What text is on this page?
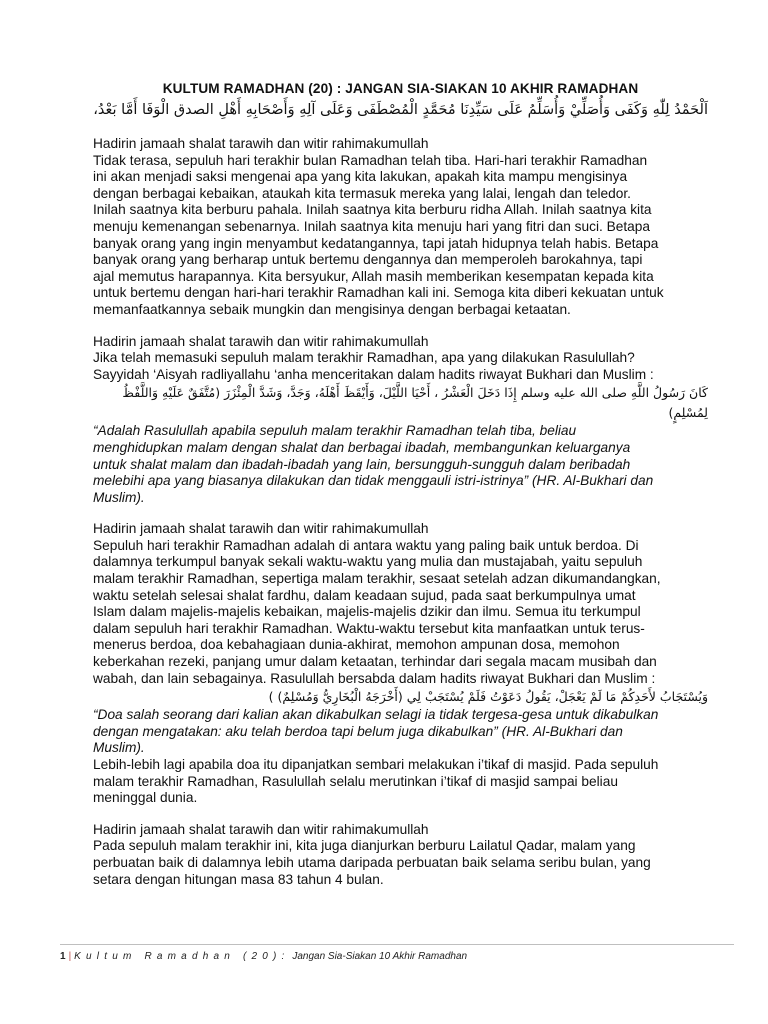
KULTUM RAMADHAN (20) : JANGAN SIA-SIAKAN 10 AKHIR RAMADHAN

اَلْحَمْدُ لِلّٰهِ وَكَفَى وَأُصَلِّيْ وَأُسَلِّمُ عَلَى سَيِّدِنَا مُحَمَّدٍ الْمُصْطَفَى وَعَلَى آلِهِ وَأَصْحَابِهِ أَهْلِ الصدق الْوَفَا أَمَّا بَعْدُ،

Hadirin jamaah shalat tarawih dan witir rahimakumullah
Tidak terasa, sepuluh hari terakhir bulan Ramadhan telah tiba. Hari-hari terakhir Ramadhan
ini akan menjadi saksi mengenai apa yang kita lakukan, apakah kita mampu mengisinya
dengan berbagai kebaikan, ataukah kita termasuk mereka yang lalai, lengah dan teledor.
Inilah saatnya kita berburu pahala. Inilah saatnya kita berburu ridha Allah. Inilah saatnya kita
menuju kemenangan sebenarnya. Inilah saatnya kita menuju hari yang fitri dan suci. Betapa
banyak orang yang ingin menyambut kedatangannya, tapi jatah hidupnya telah habis. Betapa
banyak orang yang berharap untuk bertemu dengannya dan memperoleh barokahnya, tapi
ajal memutus harapannya. Kita bersyukur, Allah masih memberikan kesempatan kepada kita
untuk bertemu dengan hari-hari terakhir Ramadhan kali ini. Semoga kita diberi kekuatan untuk
memanfaatkannya sebaik mungkin dan mengisinya dengan berbagai ketaatan.
Hadirin jamaah shalat tarawih dan witir rahimakumullah
Jika telah memasuki sepuluh malam terakhir Ramadhan, apa yang dilakukan Rasulullah?
Sayyidah ‘Aisyah radliyallahu ‘anha menceritakan dalam hadits riwayat Bukhari dan Muslim :

كَانَ رَسُولُ اللَّهِ صلى الله عليه وسلم إِذَا دَخَلَ الْعَشْرُ ، أَحْيَا اللَّيْلَ، وَأَيْقَظَ أَهْلَهُ، وَجَدَّ، وَشَدَّ الْمِئْزَرَ (مُتَّفَقٌ عَلَيْهِ وَاللَّفْظُ

لِمُسْلِمٍ)

“Adalah Rasulullah apabila sepuluh malam terakhir Ramadhan telah tiba, beliau
menghidupkan malam dengan shalat dan berbagai ibadah, membangunkan keluarganya
untuk shalat malam dan ibadah-ibadah yang lain, bersungguh-sungguh dalam beribadah
melebihi apa yang biasanya dilakukan dan tidak menggauli istri-istrinya” (HR. Al-Bukhari dan
Muslim).
Hadirin jamaah shalat tarawih dan witir rahimakumullah
Sepuluh hari terakhir Ramadhan adalah di antara waktu yang paling baik untuk berdoa. Di
dalamnya terkumpul banyak sekali waktu-waktu yang mulia dan mustajabah, yaitu sepuluh
malam terakhir Ramadhan, sepertiga malam terakhir, sesaat setelah adzan dikumandangkan,
waktu setelah selesai shalat fardhu, dalam keadaan sujud, pada saat berkumpulnya umat
Islam dalam majelis-majelis kebaikan, majelis-majelis dzikir dan ilmu. Semua itu terkumpul
dalam sepuluh hari terakhir Ramadhan. Waktu-waktu tersebut kita manfaatkan untuk terus-
menerus berdoa, doa kebahagiaan dunia-akhirat, memohon ampunan dosa, memohon
keberkahan rezeki, panjang umur dalam ketaatan, terhindar dari segala macam musibah dan
wabah, dan lain sebagainya. Rasulullah bersabda dalam hadits riwayat Bukhari dan Muslim :

وَيُسْتَجَابُ لأَحَدِكُمْ مَا لَمْ يَعْجَلْ، يَقُولُ دَعَوْتُ فَلَمْ يُسْتَجَبْ لِي (أَخْرَجَهُ الْبُخَارِيُّ وَمُسْلِمٌ) )

“Doa salah seorang dari kalian akan dikabulkan selagi ia tidak tergesa-gesa untuk dikabulkan
dengan mengatakan: aku telah berdoa tapi belum juga dikabulkan” (HR. Al-Bukhari dan
Muslim).
Lebih-lebih lagi apabila doa itu dipanjatkan sembari melakukan i’tikaf di masjid. Pada sepuluh
malam terakhir Ramadhan, Rasulullah selalu merutinkan i’tikaf di masjid sampai beliau
meninggal dunia.
Hadirin jamaah shalat tarawih dan witir rahimakumullah
Pada sepuluh malam terakhir ini, kita juga dianjurkan berburu Lailatul Qadar, malam yang
perbuatan baik di dalamnya lebih utama daripada perbuatan baik selama seribu bulan, yang
setara dengan hitungan masa 83 tahun 4 bulan.
1 | Kultum Ramadhan (20): Jangan Sia-Siakan 10 Akhir Ramadhan
